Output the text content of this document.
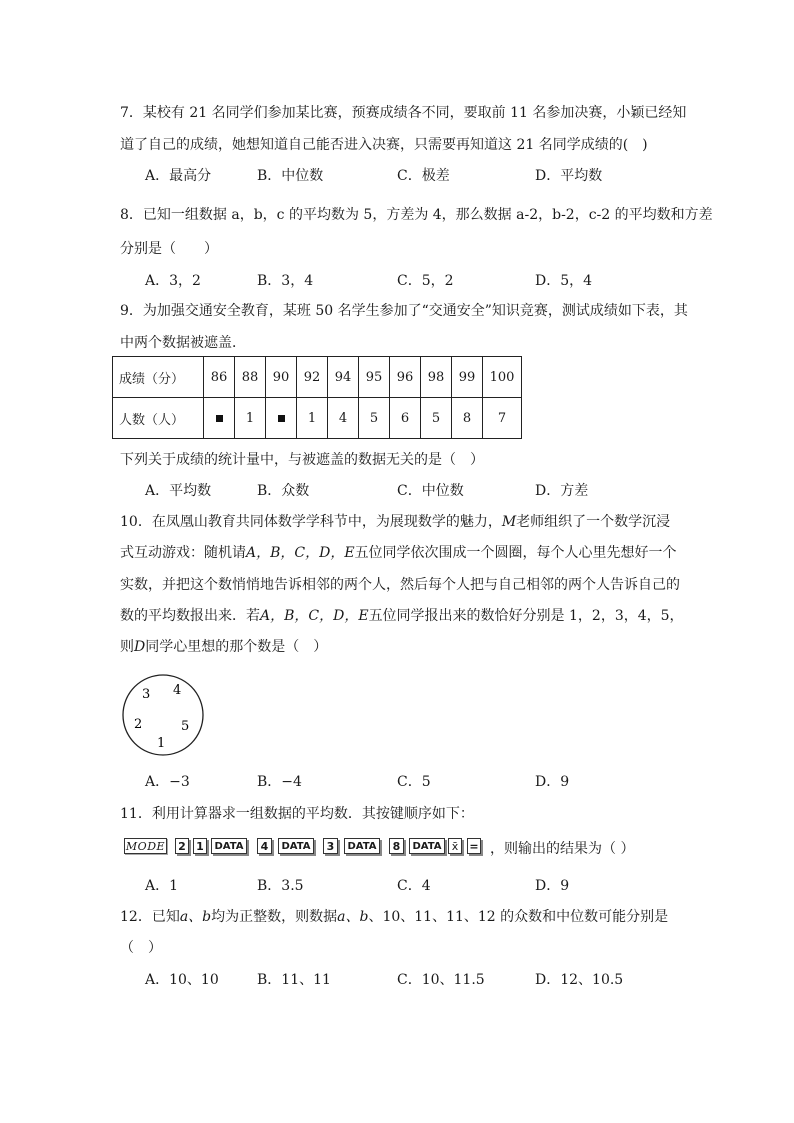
7．某校有 21 名同学们参加某比赛，预赛成绩各不同，要取前 11 名参加决赛，小颖已经知
道了自己的成绩，她想知道自己能否进入决赛，只需要再知道这 21 名同学成绩的(　)
A．最高分	B．中位数	C．极差	D．平均数
8．已知一组数据 a，b，c 的平均数为 5，方差为 4，那么数据 a-2，b-2，c-2 的平均数和方差
分别是（　　）
A．3，2	B．3，4	C．5，2	D．5，4
9．为加强交通安全教育，某班 50 名学生参加了“交通安全”知识竞赛，测试成绩如下表，其
中两个数据被遮盖．
成绩（分）	86	88	90	92	94	95	96	98	99	100
人数（人）		1		1	4	5	6	5	8	7
下列关于成绩的统计量中，与被遮盖的数据无关的是（　）
A．平均数	B．众数	C．中位数	D．方差
10．在凤凰山教育共同体数学学科节中，为展现数学的魅力，M老师组织了一个数学沉浸
式互动游戏：随机请A，B，C，D，E五位同学依次围成一个圆圈，每个人心里先想好一个
实数，并把这个数悄悄地告诉相邻的两个人，然后每个人把与自己相邻的两个人告诉自己的
数的平均数报出来．若A，B，C，D，E五位同学报出来的数恰好分别是 1，2，3，4，5，
则D同学心里想的那个数是（　）
3 4
2	5
1
A．−3	B．−4	C．5	D．9
11．利用计算器求一组数据的平均数．其按键顺序如下：
MODE 2 1	DATA	4	DATA	3	DATA	8	DATA x̄	= ，则输出的结果为（ ）
A．1	B．3.5	C．4	D．9
12．已知a、b均为正整数，则数据a、b、10、11、11、12 的众数和中位数可能分别是
（　）
A．10、10	B．11、11	C．10、11.5	D．12、10.5
